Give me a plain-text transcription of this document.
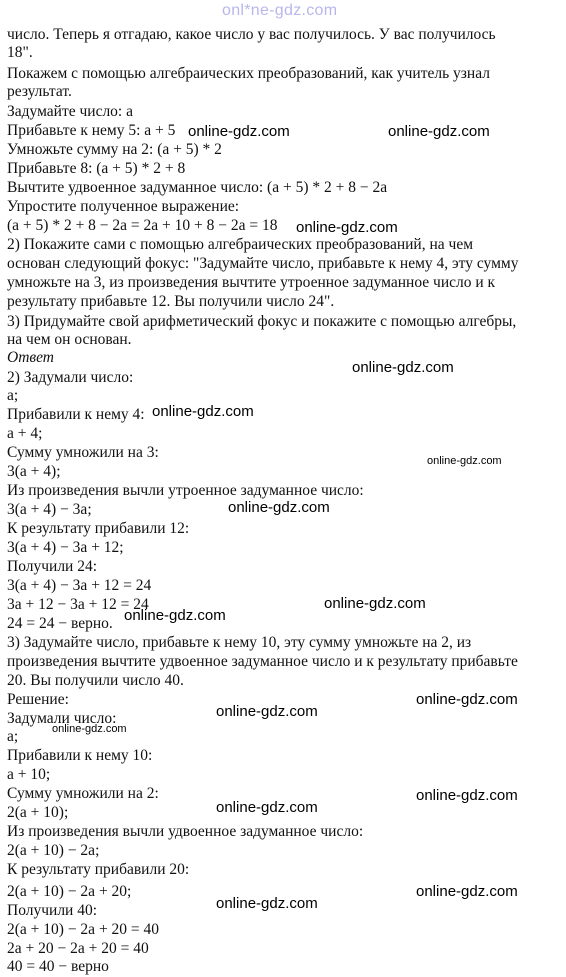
onl*ne-gdz.com
число. Теперь я отгадаю, какое число у вас получилось. У вас получилось
18".
Покажем с помощью алгебраических преобразований, как учитель узнал
результат.
Задумайте число: a
Прибавьте к нему 5: a + 5
Умножьте сумму на 2: (a + 5) * 2
Прибавьте 8: (a + 5) * 2 + 8
Вычтите удвоенное задуманное число: (a + 5) * 2 + 8 − 2a
Упростите полученное выражение:
(a + 5) * 2 + 8 − 2a = 2a + 10 + 8 − 2a = 18
2) Покажите сами с помощью алгебраических преобразований, на чем
основан следующий фокус: "Задумайте число, прибавьте к нему 4, эту сумму
умножьте на 3, из произведения вычтите утроенное задуманное число и к
результату прибавьте 12. Вы получили число 24".
3) Придумайте свой арифметический фокус и покажите с помощью алгебры,
на чем он основан.
Ответ
2) Задумали число:
a;
Прибавили к нему 4:
a + 4;
Сумму умножили на 3:
3(a + 4);
Из произведения вычли утроенное задуманное число:
3(a + 4) − 3a;
К результату прибавили 12:
3(a + 4) − 3a + 12;
Получили 24:
3(a + 4) − 3a + 12 = 24
3a + 12 − 3a + 12 = 24
24 = 24 − верно.
3) Задумайте число, прибавьте к нему 10, эту сумму умножьте на 2, из
произведения вычтите удвоенное задуманное число и к результату прибавьте
20. Вы получили число 40.
Решение:
Задумали число:
a;
Прибавили к нему 10:
a + 10;
Сумму умножили на 2:
2(a + 10);
Из произведения вычли удвоенное задуманное число:
2(a + 10) − 2a;
К результату прибавили 20:
2(a + 10) − 2a + 20;
Получили 40:
2(a + 10) − 2a + 20 = 40
2a + 20 − 2a + 20 = 40
40 = 40 − верно
online-gdz.com	online-gdz.com
online-gdz.com
online-gdz.com
online-gdz.com
online-gdz.com
online-gdz.com
online-gdz.com
online-gdz.com
online-gdz.com
online-gdz.com
online-gdz.com
online-gdz.com
online-gdz.com
online-gdz.com
online-gdz.com
